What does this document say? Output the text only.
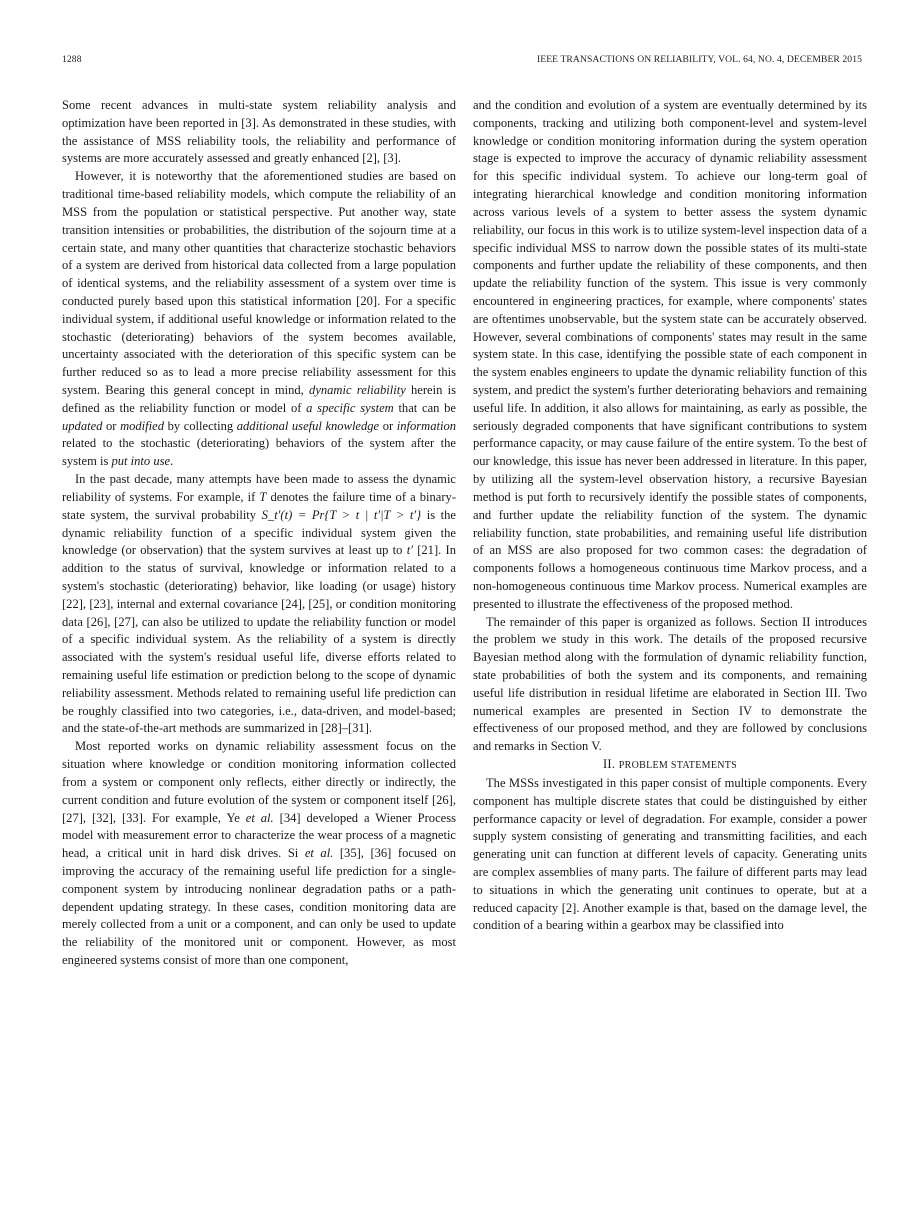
1288	IEEE TRANSACTIONS ON RELIABILITY, VOL. 64, NO. 4, DECEMBER 2015

Some recent advances in multi-state system reliability analysis and optimization have been reported in [3]. As demonstrated in these studies, with the assistance of MSS reliability tools, the reliability and performance of systems are more accurately assessed and greatly enhanced [2], [3].

However, it is noteworthy that the aforementioned studies are based on traditional time-based reliability models, which compute the reliability of an MSS from the population or statistical perspective. Put another way, state transition intensities or probabilities, the distribution of the sojourn time at a certain state, and many other quantities that characterize stochastic behaviors of a system are derived from historical data collected from a large population of identical systems, and the reliability assessment of a system over time is conducted purely based upon this statistical information [20]. For a specific individual system, if additional useful knowledge or information related to the stochastic (deteriorating) behaviors of the system becomes available, uncertainty associated with the deterioration of this specific system can be further reduced so as to lead a more precise reliability assessment for this system. Bearing this general concept in mind, dynamic reliability herein is defined as the reliability function or model of a specific system that can be updated or modified by collecting additional useful knowledge or information related to the stochastic (deteriorating) behaviors of the system after the system is put into use.

In the past decade, many attempts have been made to assess the dynamic reliability of systems. For example, if T denotes the failure time of a binary-state system, the survival probability S_t′(t) = Pr{T > t | t′|T > t′} is the dynamic reliability function of a specific individual system given the knowledge (or observation) that the system survives at least up to t′ [21]. In addition to the status of survival, knowledge or information related to a system's stochastic (deteriorating) behavior, like loading (or usage) history [22], [23], internal and external covariance [24], [25], or condition monitoring data [26], [27], can also be utilized to update the reliability function or model of a specific individual system. As the reliability of a system is directly associated with the system's residual useful life, diverse efforts related to remaining useful life estimation or prediction belong to the scope of dynamic reliability assessment. Methods related to remaining useful life prediction can be roughly classified into two categories, i.e., data-driven, and model-based; and the state-of-the-art methods are summarized in [28]–[31].

Most reported works on dynamic reliability assessment focus on the situation where knowledge or condition monitoring information collected from a system or component only reflects, either directly or indirectly, the current condition and future evolution of the system or component itself [26], [27], [32], [33]. For example, Ye et al. [34] developed a Wiener Process model with measurement error to characterize the wear process of a magnetic head, a critical unit in hard disk drives. Si et al. [35], [36] focused on improving the accuracy of the remaining useful life prediction for a single-component system by introducing nonlinear degradation paths or a path-dependent updating strategy. In these cases, condition monitoring data are merely collected from a unit or a component, and can only be used to update the reliability of the monitored unit or component. However, as most engineered systems consist of more than one component,

and the condition and evolution of a system are eventually determined by its components, tracking and utilizing both component-level and system-level knowledge or condition monitoring information during the system operation stage is expected to improve the accuracy of dynamic reliability assessment for this specific individual system. To achieve our long-term goal of integrating hierarchical knowledge and condition monitoring information across various levels of a system to better assess the system dynamic reliability, our focus in this work is to utilize system-level inspection data of a specific individual MSS to narrow down the possible states of its multi-state components and further update the reliability of these components, and then update the reliability function of the system. This issue is very commonly encountered in engineering practices, for example, where components' states are oftentimes unobservable, but the system state can be accurately observed. However, several combinations of components' states may result in the same system state. In this case, identifying the possible state of each component in the system enables engineers to update the dynamic reliability function of this system, and predict the system's further deteriorating behaviors and remaining useful life. In addition, it also allows for maintaining, as early as possible, the seriously degraded components that have significant contributions to system performance capacity, or may cause failure of the entire system. To the best of our knowledge, this issue has never been addressed in literature. In this paper, by utilizing all the system-level observation history, a recursive Bayesian method is put forth to recursively identify the possible states of components, and further update the reliability function of the system. The dynamic reliability function, state probabilities, and remaining useful life distribution of an MSS are also proposed for two common cases: the degradation of components follows a homogeneous continuous time Markov process, and a non-homogeneous continuous time Markov process. Numerical examples are presented to illustrate the effectiveness of the proposed method.

The remainder of this paper is organized as follows. Section II introduces the problem we study in this work. The details of the proposed recursive Bayesian method along with the formulation of dynamic reliability function, state probabilities of both the system and its components, and remaining useful life distribution in residual lifetime are elaborated in Section III. Two numerical examples are presented in Section IV to demonstrate the effectiveness of our proposed method, and they are followed by conclusions and remarks in Section V.

II. PROBLEM STATEMENTS

The MSSs investigated in this paper consist of multiple components. Every component has multiple discrete states that could be distinguished by either performance capacity or level of degradation. For example, consider a power supply system consisting of generating and transmitting facilities, and each generating unit can function at different levels of capacity. Generating units are complex assemblies of many parts. The failure of different parts may lead to situations in which the generating unit continues to operate, but at a reduced capacity [2]. Another example is that, based on the damage level, the condition of a bearing within a gearbox may be classified into
